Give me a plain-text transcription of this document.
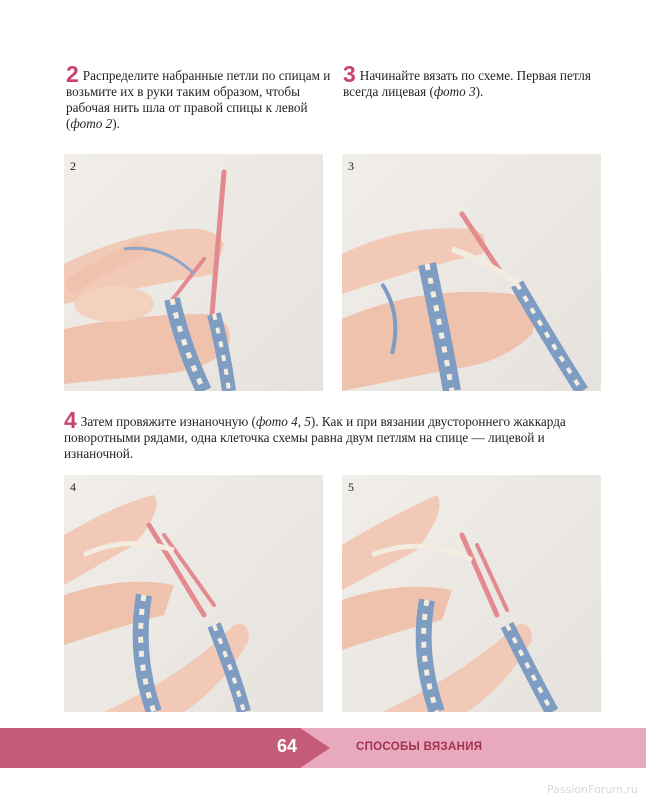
2 Распределите набранные петли по спицам и возьмите их в руки таким образом, чтобы рабочая нить шла от правой спицы к левой (фото 2).
3 Начинайте вязать по схеме. Первая петля всегда лицевая (фото 3).
2	3
4 Затем провяжите изнаночную (фото 4, 5). Как и при вязании двустороннего жаккарда поворотными рядами, одна клеточка схемы равна двум петлям на спице — лицевой и изнаночной.
4	5
64	СПОСОБЫ ВЯЗАНИЯ
PassionForum.ru
